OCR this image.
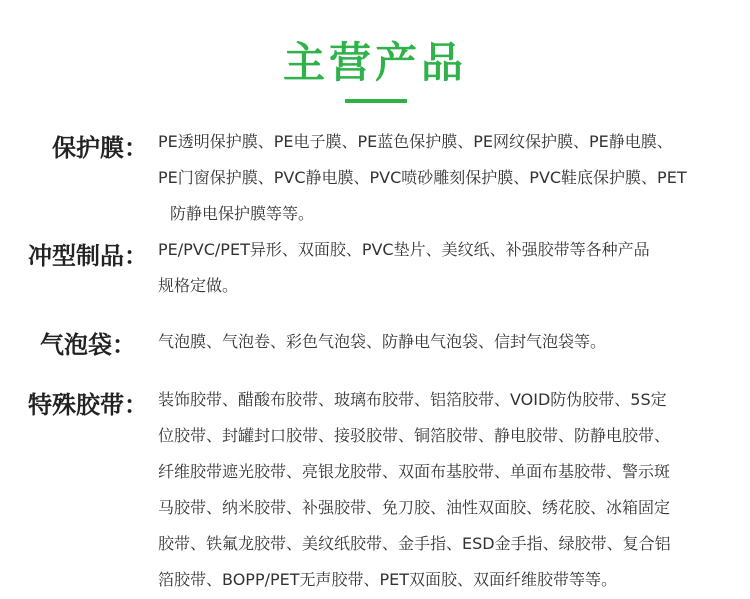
主营产品
保护膜： PE透明保护膜、PE电子膜、PE蓝色保护膜、PE网纹保护膜、PE静电膜、
PE门窗保护膜、PVC静电膜、PVC喷砂雕刻保护膜、PVC鞋底保护膜、PET
防静电保护膜等等。
冲型制品： PE/PVC/PET异形、双面胶、PVC垫片、美纹纸、补强胶带等各种产品
规格定做。
气泡袋： 气泡膜、气泡卷、彩色气泡袋、防静电气泡袋、信封气泡袋等。
特殊胶带： 装饰胶带、醋酸布胶带、玻璃布胶带、铝箔胶带、VOID防伪胶带、5S定
位胶带、封罐封口胶带、接驳胶带、铜箔胶带、静电胶带、防静电胶带、
纤维胶带遮光胶带、亮银龙胶带、双面布基胶带、单面布基胶带、警示斑
马胶带、纳米胶带、补强胶带、免刀胶、油性双面胶、绣花胶、冰箱固定
胶带、铁氟龙胶带、美纹纸胶带、金手指、ESD金手指、绿胶带、复合铝
箔胶带、BOPP/PET无声胶带、PET双面胶、双面纤维胶带等等。
